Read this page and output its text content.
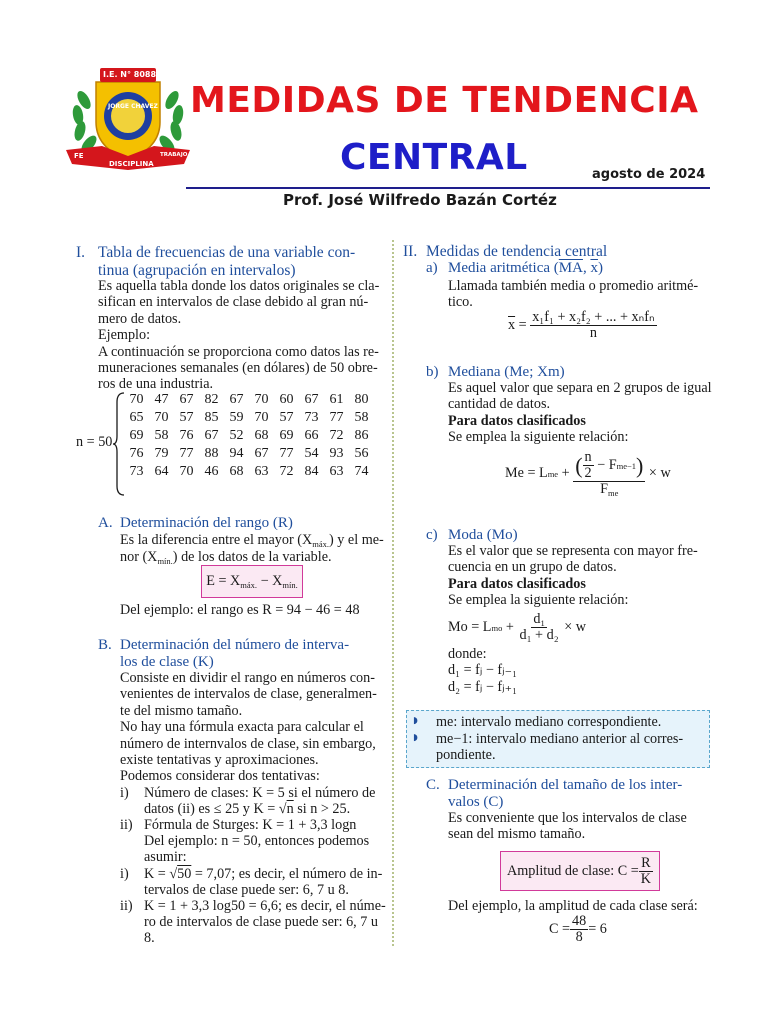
I.E. N° 80882
JORGE CHAVEZ
FE
DISCIPLINA
TRABAJO
MEDIDAS DE TENDENCIA
CENTRAL	agosto de 2024
Prof. José Wilfredo Bazán Cortéz
I. Tabla de frecuencias de una variable con-
tinua (agrupación en intervalos)
Es aquella tabla donde los datos originales se cla-
sifican en intervalos de clase debido al gran nú-
mero de datos.
Ejemplo:
A continuación se proporciona como datos las re-
muneraciones semanales (en dólares) de 50 obre-
ros de una industria.
n = 50
70	47	67	82	67	70	60	67	61	80
65	70	57	85	59	70	57	73	77	58
69	58	76	67	52	68	69	66	72	86
76	79	77	88	94	67	77	54	93	56
73	64	70	46	68	63	72	84	63	74
A. Determinación del rango (R)
Es la diferencia entre el mayor $(X_{máx.})$ y el me-
nor $(X_{mín.})$ de los datos de la variable.
$E = X_{máx.} - X_{mín.}$
Del ejemplo: el rango es R = 94 − 46 = 48
B. Determinación del número de interva-
los de clase (K)
Consiste en dividir el rango en números con-
venientes de intervalos de clase, generalmen-
te del mismo tamaño.
No hay una fórmula exacta para calcular el
número de internvalos de clase, sin embargo,
existe tentativas y aproximaciones.
Podemos considerar dos tentativas:
i) Número de clases: K = 5 si el número de
datos (ii) es ≤ 25 y K = √n si n > 25.
ii) Fórmula de Sturges: K = 1 + 3,3 logn
Del ejemplo: n = 50, entonces podemos
asumir:
i) K = √50 = 7,07; es decir, el número de in-
tervalos de clase puede ser: 6, 7 u 8.
ii) K = 1 + 3,3 log50 = 6,6; es decir, el núme-
ro de intervalos de clase puede ser: 6, 7 u
8.
II. Medidas de tendencia central
a) Media aritmética ($\overline{MA}$, $\overline{x}$)
Llamada también media o promedio aritmé-
tico.
$\overline{x} = \frac{\text{x₁f₁ + x₂f₂ + ... + xₙfₙ}}{n}$
b) Mediana (Me; Xm)
Es aquel valor que separa en 2 grupos de igual
cantidad de datos.
Para datos clasificados
Se emplea la siguiente relación:
Me = L me + ( $\frac{n}{2}$
− F me−1 )
$F_{me}$
× w
c) Moda (Mo)
Es el valor que se representa con mayor fre-
cuencia en un grupo de datos.
Para datos clasificados
Se emplea la siguiente relación:
Mo = L mo + $\frac{d_1}{\text{d₁ + d₂}}$
× w
donde:
d₁ = fⱼ − fⱼ₋₁
d₂ = fⱼ − fⱼ₊₁
◗ me: intervalo mediano correspondiente.
◗ me−1: intervalo mediano anterior al corres-
pondiente.
C. Determinación del tamaño de los inter-
valos (C)
Es conveniente que los intervalos de clase
sean del mismo tamaño.
Amplitud de clase: $C = \frac{R}{K}$
Del ejemplo, la amplitud de cada clase será:
$C = \frac{48}{8} = 6$
